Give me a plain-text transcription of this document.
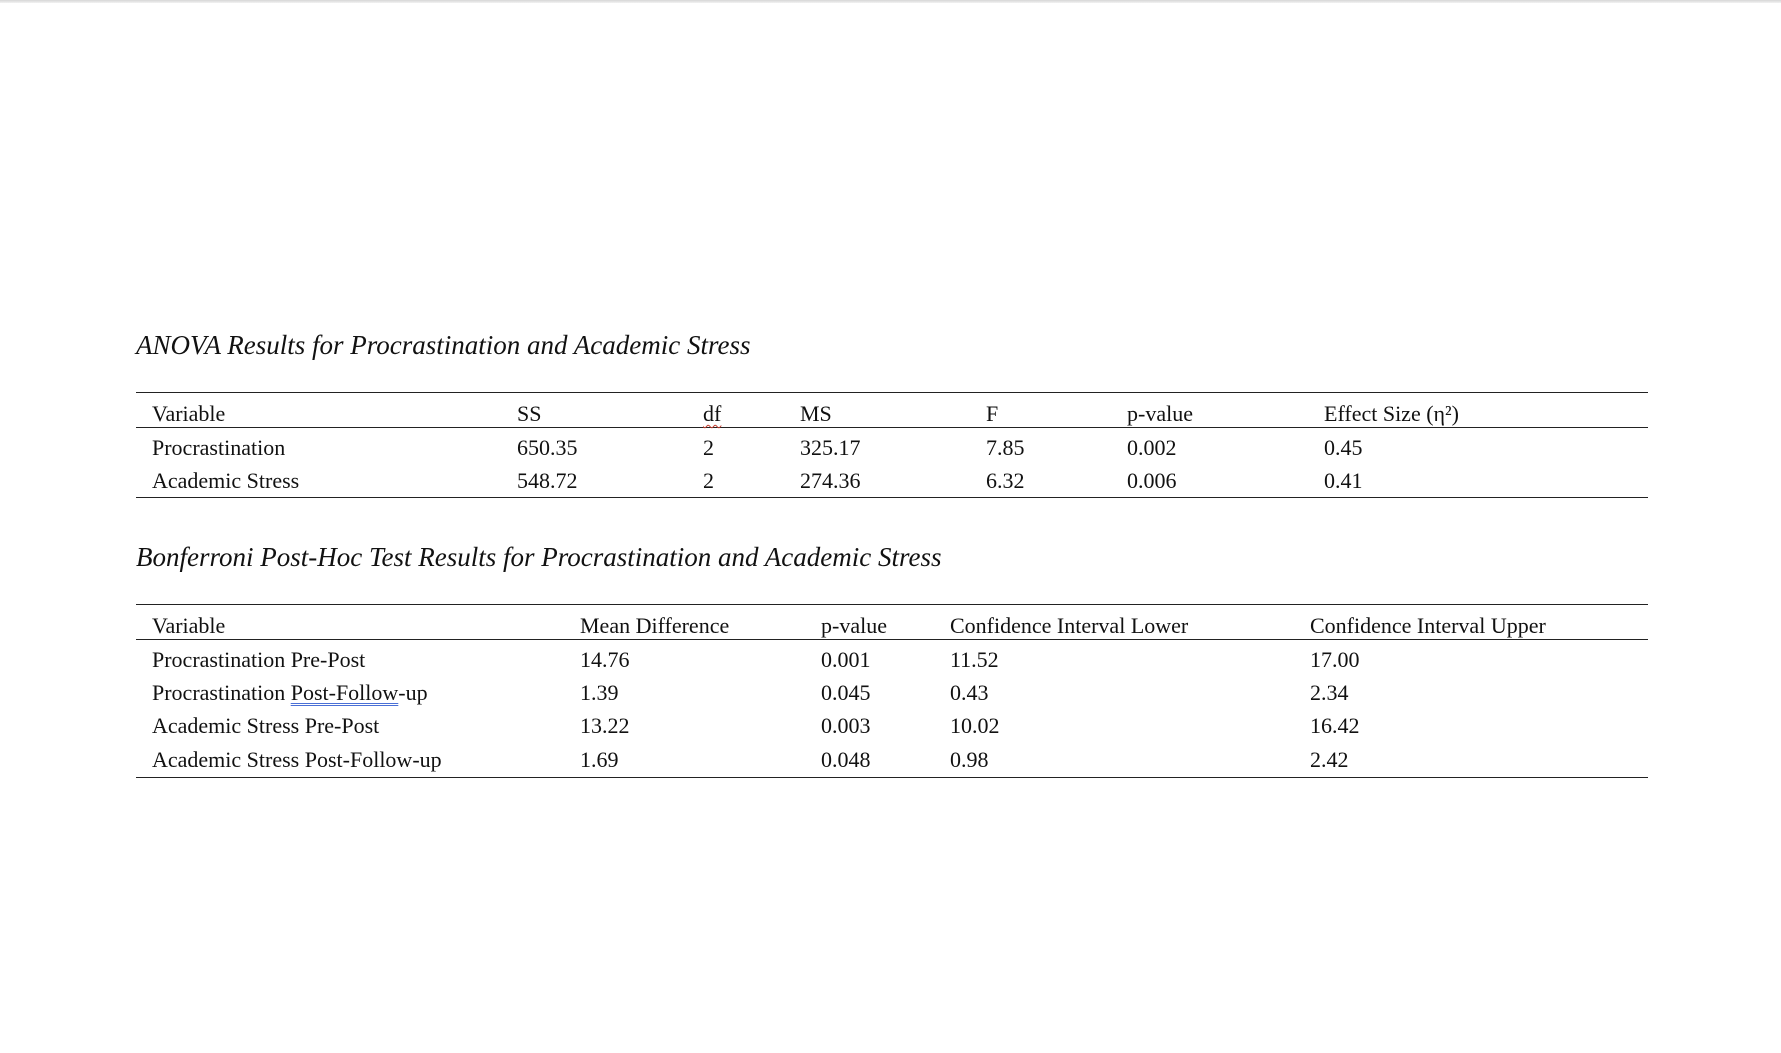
ANOVA Results for Procrastination and Academic Stress
Variable	SS	df	MS	F	p-value	Effect Size (η²)
Procrastination	650.35	2	325.17	7.85	0.002	0.45
Academic Stress	548.72	2	274.36	6.32	0.006	0.41
Bonferroni Post-Hoc Test Results for Procrastination and Academic Stress
Variable	Mean Difference	p-value	Confidence Interval Lower	Confidence Interval Upper
Procrastination Pre-Post	14.76	0.001	11.52	17.00
Procrastination Post-Follow-up	1.39	0.045	0.43	2.34
Academic Stress Pre-Post	13.22	0.003	10.02	16.42
Academic Stress Post-Follow-up	1.69	0.048	0.98	2.42
